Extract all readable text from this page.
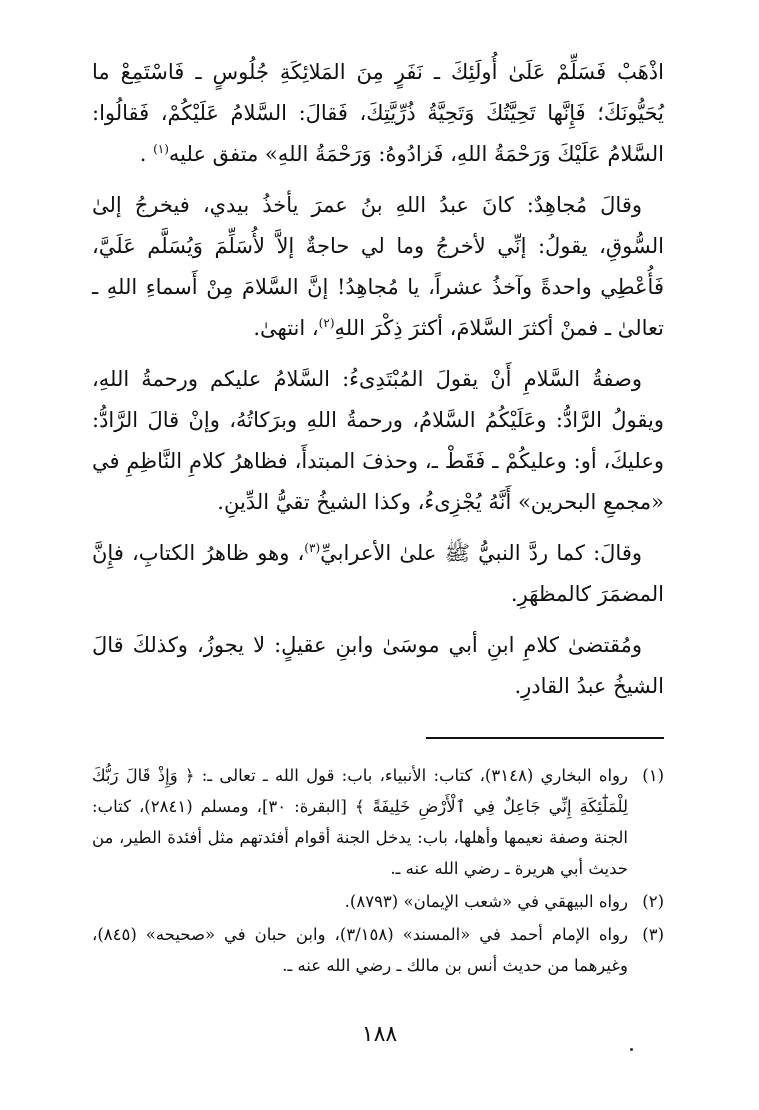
اذْهَبْ فَسَلِّمْ عَلَىٰ أُولَئِكَ ـ نَفَرٍ مِنَ المَلائِكَةِ جُلُوسٍ ـ فَاسْتَمِعْ ما يُحَيُّونَكَ؛ فَإِنَّها تَحِيَّتُكَ وَتَحِيَّةُ ذُرِّيَّتِكَ، فَقالَ: السَّلامُ عَلَيْكُمْ، فَقالُوا: السَّلامُ عَلَيْكَ وَرَحْمَةُ اللهِ، فَزادُوهُ: وَرَحْمَةُ اللهِ» متفق عليه$^{(١)}$ .

وقالَ مُجاهِدٌ: كانَ عبدُ اللهِ بنُ عمرَ يأخذُ بيدي، فيخرجُ إلىٰ السُّوقِ، يقولُ: إنِّي لأخرجُ وما لي حاجةٌ إلاَّ لأُسَلِّمَ وَيُسَلَّم عَلَيَّ، فَأُعْطِي واحدةً وآخذُ عشراً، يا مُجاهِدُ! إنَّ السَّلامَ مِنْ أَسماءِ اللهِ ـ تعالىٰ ـ فمنْ أكثرَ السَّلامَ، أكثرَ ذِكْرَ اللهِ$^{(٢)}$، انتهىٰ.

وصفةُ السَّلامِ أَنْ يقولَ المُبْتَدِىءُ: السَّلامُ عليكم ورحمةُ اللهِ، ويقولُ الرَّادُّ: وعَلَيْكُمُ السَّلامُ، ورحمةُ اللهِ وبرَكاتُهُ، وإنْ قالَ الرَّادُّ: وعليكَ، أو: وعليكُمْ ـ فَقَطْ ـ، وحذفَ المبتدأَ، فظاهرُ كلامِ النَّاظِمِ في «مجمعِ البحرين» أَنَّهُ يُجْزِىءُ، وكذا الشيخُ تقيُّ الدِّينِ.

وقالَ: كما ردَّ النبيُّ ﷺ علىٰ الأعرابيِّ$^{(٣)}$، وهو ظاهرُ الكتابِ، فإِنَّ المضمَرَ كالمظهَرِ.

ومُقتضىٰ كلامِ ابنِ أبي موسَىٰ وابنِ عقيلٍ: لا يجوزُ، وكذلكَ قالَ الشيخُ عبدُ القادرِ.

(١)
رواه البخاري (٣١٤٨)، كتاب: الأنبياء، باب: قول الله ـ تعالى ـ: ﴿ وَإِذْ قَالَ رَبُّكَ لِلْمَلَٰٓئِكَةِ إِنِّي جَاعِلٌ فِي ٱلْأَرْضِ خَلِيفَةً ﴾ [البقرة: ٣٠]، ومسلم (٢٨٤١)، كتاب: الجنة وصفة نعيمها وأهلها، باب: يدخل الجنة أقوام أفئدتهم مثل أفئدة الطير، من حديث أبي هريرة ـ رضي الله عنه ـ.
(٢)
رواه البيهقي في «شعب الإيمان» (٨٧٩٣).
(٣)
رواه الإمام أحمد في «المسند» (٣/١٥٨)، وابن حبان في «صحيحه» (٨٤٥)، وغيرهما من حديث أنس بن مالك ـ رضي الله عنه ـ.
١٨٨
